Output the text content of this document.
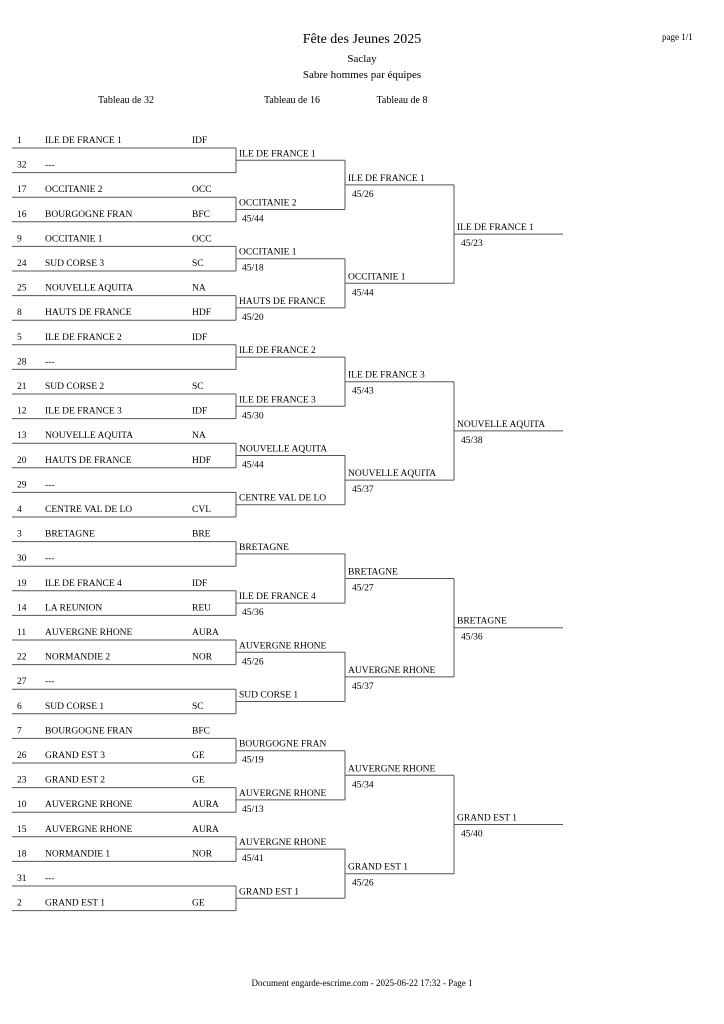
Fête des Jeunes 2025
Saclay
Sabre hommes par équipes
page 1/1
Tableau de 32	Tableau de 16	Tableau de 8
1 ILE DE FRANCE 1	IDF
32 ---
17 OCCITANIE 2	OCC
16 BOURGOGNE FRAN	BFC
9 OCCITANIE 1	OCC
24 SUD CORSE 3	SC
25 NOUVELLE AQUITA	NA
8 HAUTS DE FRANCE	HDF
5 ILE DE FRANCE 2	IDF
28 ---
21 SUD CORSE 2	SC
12 ILE DE FRANCE 3	IDF
13 NOUVELLE AQUITA	NA
20 HAUTS DE FRANCE	HDF
29 ---
4 CENTRE VAL DE LO	CVL
3 BRETAGNE	BRE
30 ---
19 ILE DE FRANCE 4	IDF
14 LA REUNION	REU
11 AUVERGNE RHONE	AURA
22 NORMANDIE 2	NOR
27 ---
6 SUD CORSE 1	SC
7 BOURGOGNE FRAN	BFC
26 GRAND EST 3	GE
23 GRAND EST 2	GE
10 AUVERGNE RHONE	AURA
15 AUVERGNE RHONE	AURA
18 NORMANDIE 1	NOR
31 ---
2 GRAND EST 1	GE
ILE DE FRANCE 1
OCCITANIE 2
45/44
OCCITANIE 1
45/18
HAUTS DE FRANCE
45/20
ILE DE FRANCE 2
ILE DE FRANCE 3
45/30
NOUVELLE AQUITA
45/44
CENTRE VAL DE LO
BRETAGNE
ILE DE FRANCE 4
45/36
AUVERGNE RHONE
45/26
SUD CORSE 1
BOURGOGNE FRAN
45/19
AUVERGNE RHONE
45/13
AUVERGNE RHONE
45/41
GRAND EST 1
ILE DE FRANCE 1
45/26
OCCITANIE 1
45/44
ILE DE FRANCE 3
45/43
NOUVELLE AQUITA
45/37
BRETAGNE
45/27
AUVERGNE RHONE
45/37
AUVERGNE RHONE
45/34
GRAND EST 1
45/26
ILE DE FRANCE 1
45/23
NOUVELLE AQUITA
45/38
BRETAGNE
45/36
GRAND EST 1
45/40
Document engarde-escrime.com - 2025-06-22 17:32 - Page 1
